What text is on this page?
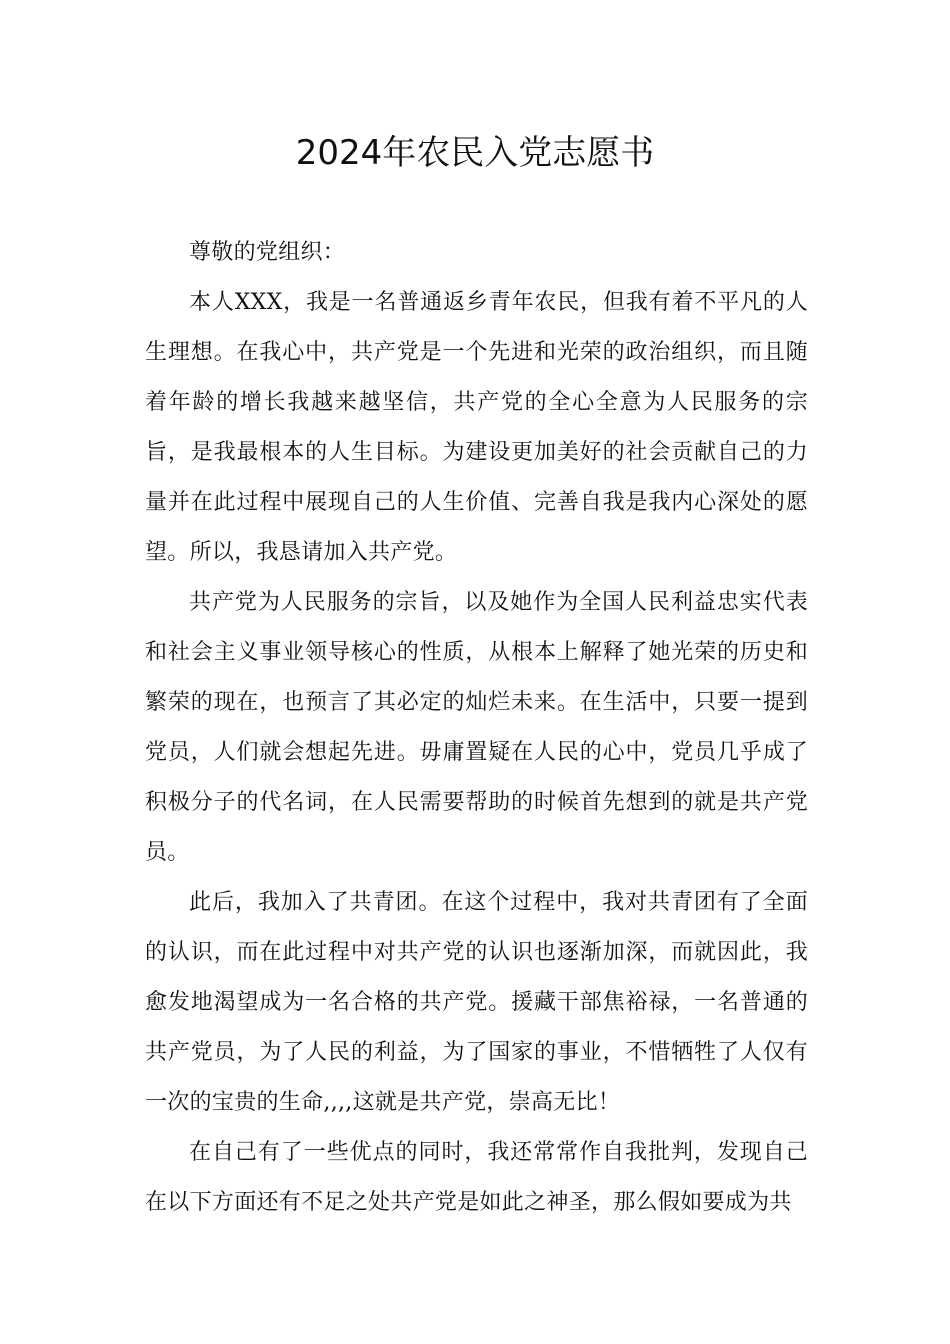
2024年农民入党志愿书

尊敬的党组织：

本人XXX，我是一名普通返乡青年农民，但我有着不平凡的人生理想。在我心中，共产党是一个先进和光荣的政治组织，而且随着年龄的增长我越来越坚信，共产党的全心全意为人民服务的宗旨，是我最根本的人生目标。为建设更加美好的社会贡献自己的力量并在此过程中展现自己的人生价值、完善自我是我内心深处的愿望。所以，我恳请加入共产党。

共产党为人民服务的宗旨，以及她作为全国人民利益忠实代表和社会主义事业领导核心的性质，从根本上解释了她光荣的历史和繁荣的现在，也预言了其必定的灿烂未来。在生活中，只要一提到党员，人们就会想起先进。毋庸置疑在人民的心中，党员几乎成了积极分子的代名词，在人民需要帮助的时候首先想到的就是共产党员。

此后，我加入了共青团。在这个过程中，我对共青团有了全面的认识，而在此过程中对共产党的认识也逐渐加深，而就因此，我愈发地渴望成为一名合格的共产党。援藏干部焦裕禄，一名普通的共产党员，为了人民的利益，为了国家的事业，不惜牺牲了人仅有一次的宝贵的生命,,,,这就是共产党，崇高无比！

在自己有了一些优点的同时，我还常常作自我批判，发现自己在以下方面还有不足之处共产党是如此之神圣，那么假如要成为共
